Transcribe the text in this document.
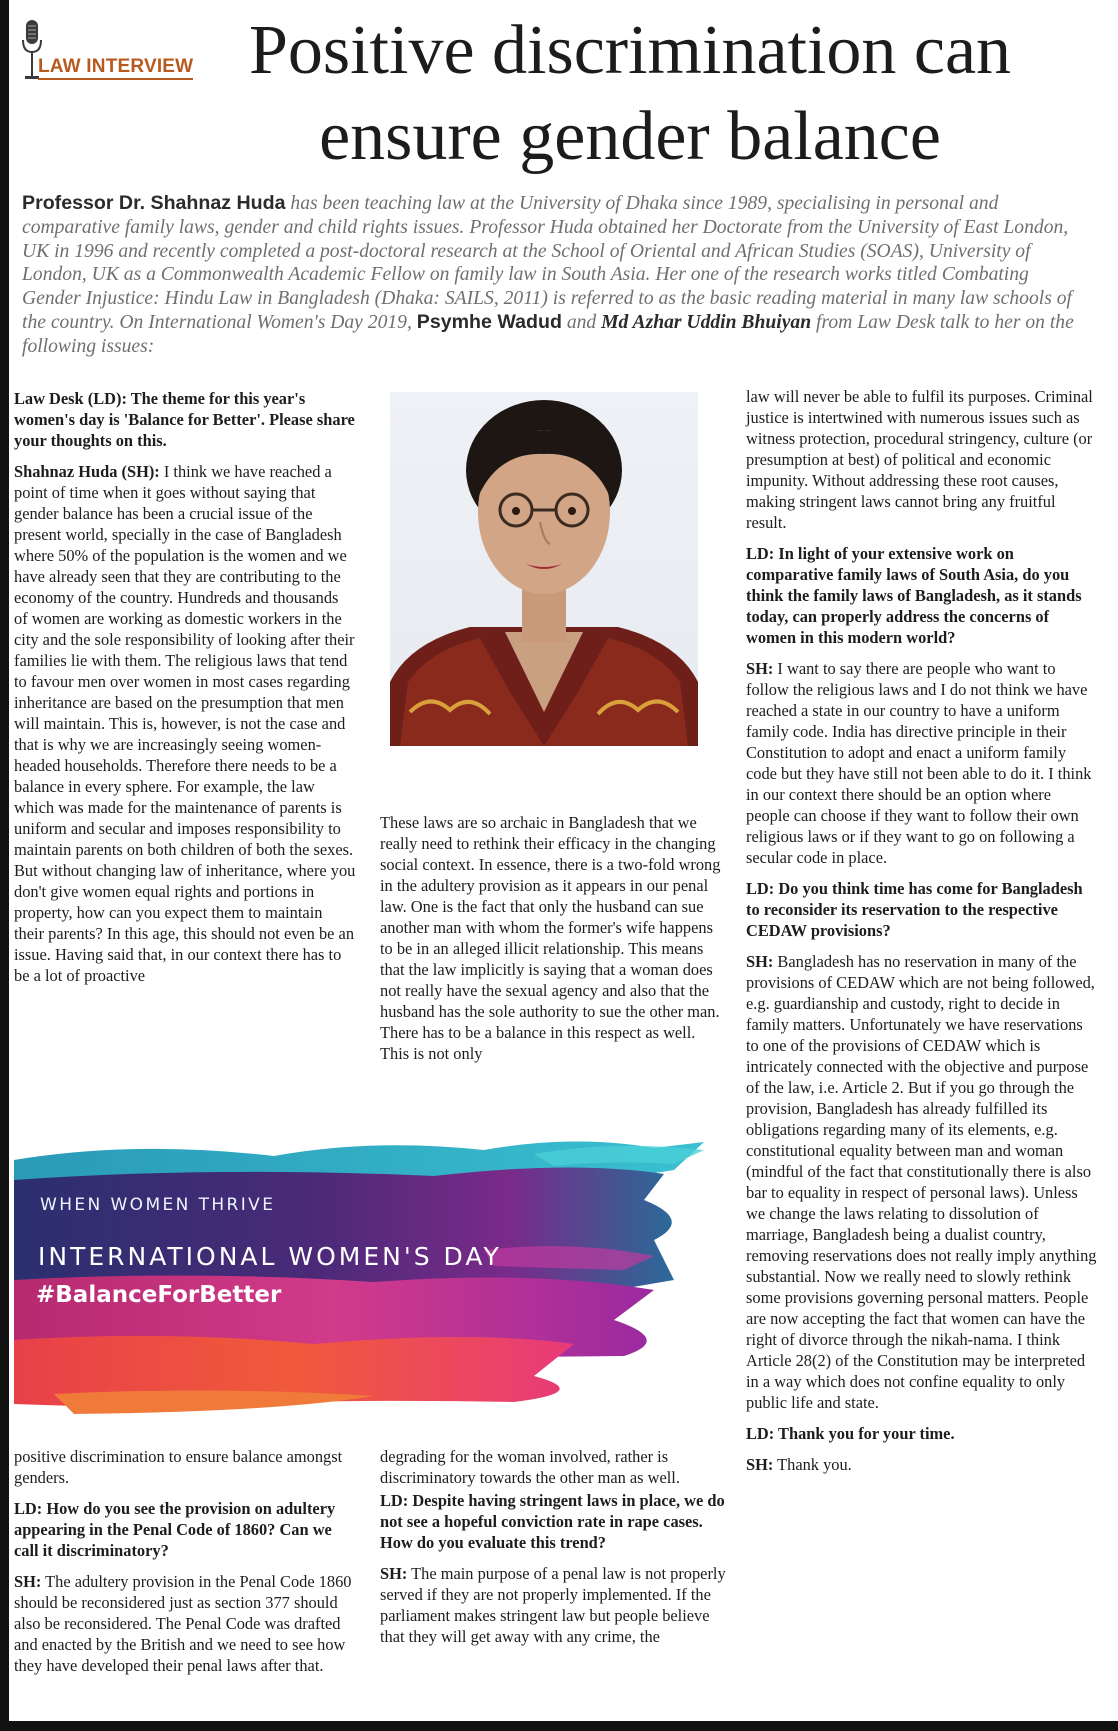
LAW INTERVIEW Positive discrimination can ensure gender balance

Professor Dr. Shahnaz Huda has been teaching law at the University of Dhaka since 1989, specialising in personal and comparative family laws, gender and child rights issues. Professor Huda obtained her Doctorate from the University of East London, UK in 1996 and recently completed a post-doctoral research at the School of Oriental and African Studies (SOAS), University of London, UK as a Commonwealth Academic Fellow on family law in South Asia. Her one of the research works titled Combating Gender Injustice: Hindu Law in Bangladesh (Dhaka: SAILS, 2011) is referred to as the basic reading material in many law schools of the country. On International Women's Day 2019, Psymhe Wadud and Md Azhar Uddin Bhuiyan from Law Desk talk to her on the following issues:

Law Desk (LD): The theme for this year's women's day is 'Balance for Better'. Please share your thoughts on this.

Shahnaz Huda (SH): I think we have reached a point of time when it goes without saying that gender balance has been a crucial issue of the present world, specially in the case of Bangladesh where 50% of the population is the women and we have already seen that they are contributing to the economy of the country. Hundreds and thousands of women are working as domestic workers in the city and the sole responsibility of looking after their families lie with them. The religious laws that tend to favour men over women in most cases regarding inheritance are based on the presumption that men will maintain. This is, however, is not the case and that is why we are increasingly seeing women-headed households. Therefore there needs to be a balance in every sphere. For example, the law which was made for the maintenance of parents is uniform and secular and imposes responsibility to maintain parents on both children of both the sexes. But without changing law of inheritance, where you don't give women equal rights and portions in property, how can you expect them to maintain their parents? In this age, this should not even be an issue. Having said that, in our context there has to be a lot of proactive

These laws are so archaic in Bangladesh that we really need to rethink their efficacy in the changing social context. In essence, there is a two-fold wrong in the adultery provision as it appears in our penal law. One is the fact that only the husband can sue another man with whom the former's wife happens to be in an alleged illicit relationship. This means that the law implicitly is saying that a woman does not really have the sexual agency and also that the husband has the sole authority to sue the other man. There has to be a balance in this respect as well. This is not only

WHEN WOMEN THRIVE
INTERNATIONAL WOMEN'S DAY
#BalanceForBetter

positive discrimination to ensure balance amongst genders.

LD: How do you see the provision on adultery appearing in the Penal Code of 1860? Can we call it discriminatory?

SH: The adultery provision in the Penal Code 1860 should be reconsidered just as section 377 should also be reconsidered. The Penal Code was drafted and enacted by the British and we need to see how they have developed their penal laws after that.

degrading for the woman involved, rather is discriminatory towards the other man as well.

LD: Despite having stringent laws in place, we do not see a hopeful conviction rate in rape cases. How do you evaluate this trend?

SH: The main purpose of a penal law is not properly served if they are not properly implemented. If the parliament makes stringent law but people believe that they will get away with any crime, the

law will never be able to fulfil its purposes. Criminal justice is intertwined with numerous issues such as witness protection, procedural stringency, culture (or presumption at best) of political and economic impunity. Without addressing these root causes, making stringent laws cannot bring any fruitful result.

LD: In light of your extensive work on comparative family laws of South Asia, do you think the family laws of Bangladesh, as it stands today, can properly address the concerns of women in this modern world?

SH: I want to say there are people who want to follow the religious laws and I do not think we have reached a state in our country to have a uniform family code. India has directive principle in their Constitution to adopt and enact a uniform family code but they have still not been able to do it. I think in our context there should be an option where people can choose if they want to follow their own religious laws or if they want to go on following a secular code in place.

LD: Do you think time has come for Bangladesh to reconsider its reservation to the respective CEDAW provisions?

SH: Bangladesh has no reservation in many of the provisions of CEDAW which are not being followed, e.g. guardianship and custody, right to decide in family matters. Unfortunately we have reservations to one of the provisions of CEDAW which is intricately connected with the objective and purpose of the law, i.e. Article 2. But if you go through the provision, Bangladesh has already fulfilled its obligations regarding many of its elements, e.g. constitutional equality between man and woman (mindful of the fact that constitutionally there is also bar to equality in respect of personal laws). Unless we change the laws relating to dissolution of marriage, Bangladesh being a dualist country, removing reservations does not really imply anything substantial. Now we really need to slowly rethink some provisions governing personal matters. People are now accepting the fact that women can have the right of divorce through the nikah-nama. I think Article 28(2) of the Constitution may be interpreted in a way which does not confine equality to only public life and state.

LD: Thank you for your time.

SH: Thank you.
